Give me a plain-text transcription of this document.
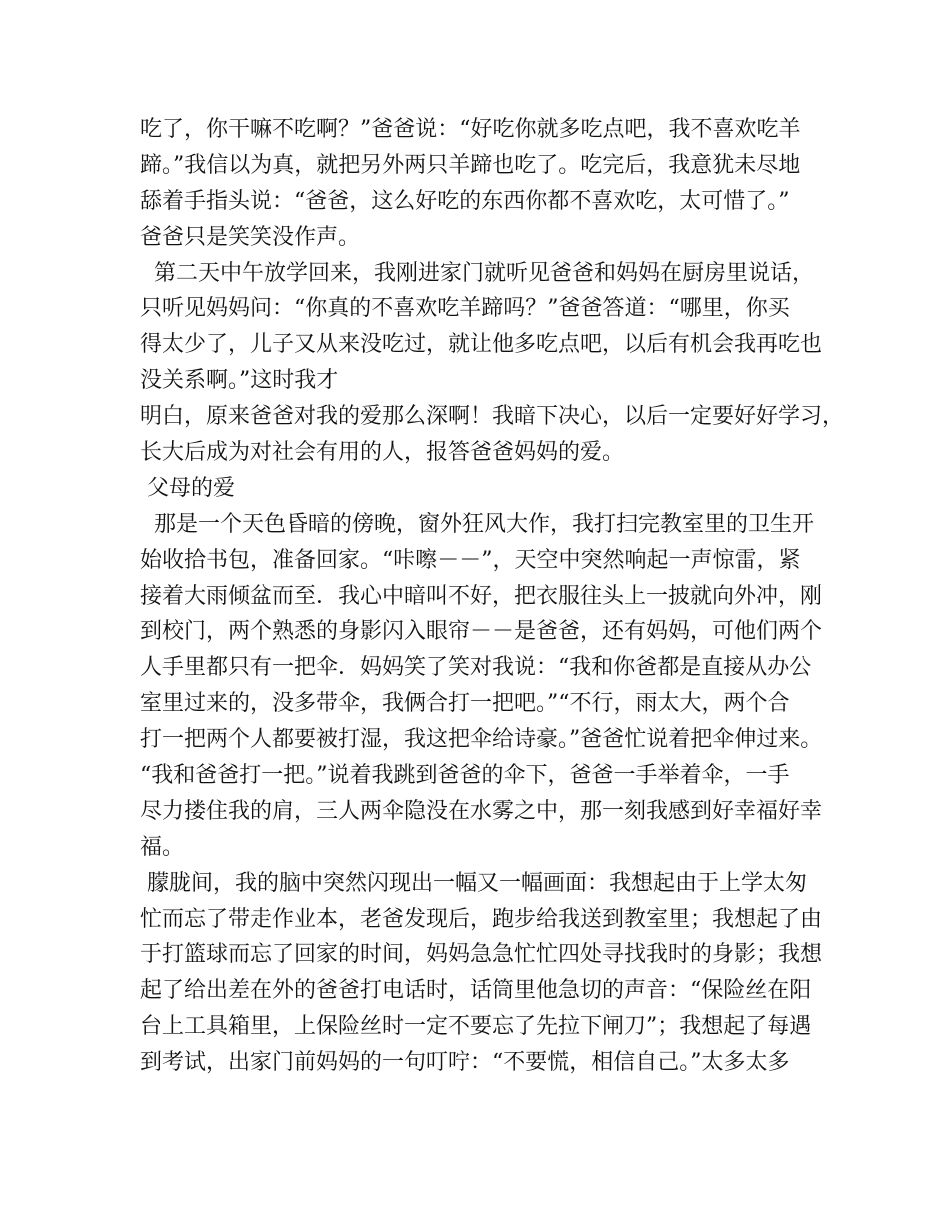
吃了，你干嘛不吃啊？”爸爸说：“好吃你就多吃点吧，我不喜欢吃羊
蹄。”我信以为真，就把另外两只羊蹄也吃了。吃完后，我意犹未尽地
舔着手指头说：“爸爸，这么好吃的东西你都不喜欢吃，太可惜了。”
爸爸只是笑笑没作声。
第二天中午放学回来，我刚进家门就听见爸爸和妈妈在厨房里说话，
只听见妈妈问：“你真的不喜欢吃羊蹄吗？”爸爸答道：“哪里，你买
得太少了，儿子又从来没吃过，就让他多吃点吧，以后有机会我再吃也
没关系啊。”这时我才
明白，原来爸爸对我的爱那么深啊！我暗下决心，以后一定要好好学习，
长大后成为对社会有用的人，报答爸爸妈妈的爱。
父母的爱
那是一个天色昏暗的傍晚，窗外狂风大作，我打扫完教室里的卫生开
始收拾书包，准备回家。“咔嚓－－”，天空中突然响起一声惊雷，紧
接着大雨倾盆而至．我心中暗叫不好，把衣服往头上一披就向外冲，刚
到校门，两个熟悉的身影闪入眼帘－－是爸爸，还有妈妈，可他们两个
人手里都只有一把伞．妈妈笑了笑对我说：“我和你爸都是直接从办公
室里过来的，没多带伞，我俩合打一把吧。”“不行，雨太大，两个合
打一把两个人都要被打湿，我这把伞给诗豪。”爸爸忙说着把伞伸过来。
“我和爸爸打一把。”说着我跳到爸爸的伞下，爸爸一手举着伞，一手
尽力搂住我的肩，三人两伞隐没在水雾之中，那一刻我感到好幸福好幸
福。
朦胧间，我的脑中突然闪现出一幅又一幅画面：我想起由于上学太匆
忙而忘了带走作业本，老爸发现后，跑步给我送到教室里；我想起了由
于打篮球而忘了回家的时间，妈妈急急忙忙四处寻找我时的身影；我想
起了给出差在外的爸爸打电话时，话筒里他急切的声音：“保险丝在阳
台上工具箱里，上保险丝时一定不要忘了先拉下闸刀”；我想起了每遇
到考试，出家门前妈妈的一句叮咛：“不要慌，相信自己。”太多太多
